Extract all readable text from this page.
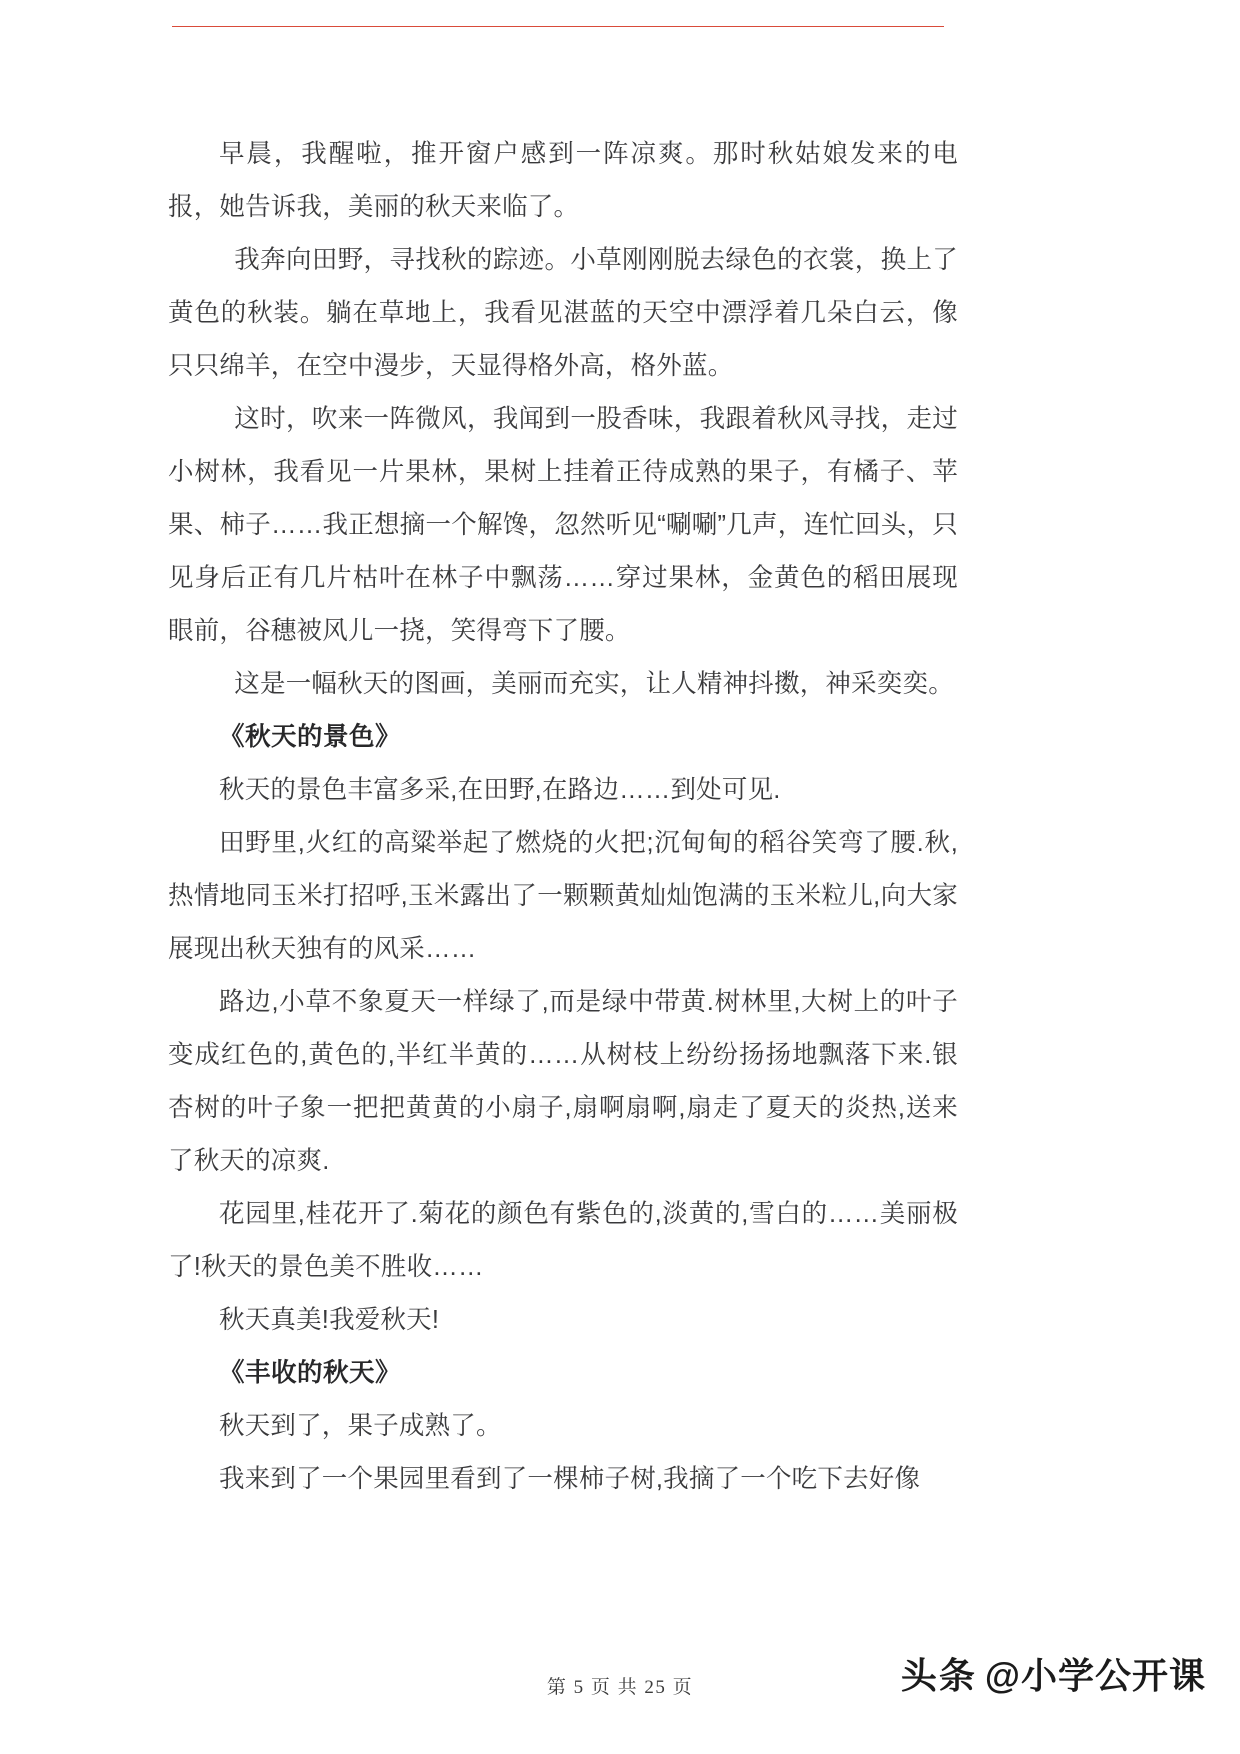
早晨，我醒啦，推开窗户感到一阵凉爽。那时秋姑娘发来的电报，她告诉我，美丽的秋天来临了。

我奔向田野，寻找秋的踪迹。小草刚刚脱去绿色的衣裳，换上了黄色的秋装。躺在草地上，我看见湛蓝的天空中漂浮着几朵白云，像只只绵羊，在空中漫步，天显得格外高，格外蓝。

这时，吹来一阵微风，我闻到一股香味，我跟着秋风寻找，走过小树林，我看见一片果林，果树上挂着正待成熟的果子，有橘子、苹果、柿子……我正想摘一个解馋，忽然听见“唰唰”几声，连忙回头，只见身后正有几片枯叶在林子中飘荡……穿过果林，金黄色的稻田展现眼前，谷穗被风儿一挠，笑得弯下了腰。

这是一幅秋天的图画，美丽而充实，让人精神抖擞，神采奕奕。

《秋天的景色》

秋天的景色丰富多采,在田野,在路边……到处可见.

田野里,火红的高粱举起了燃烧的火把;沉甸甸的稻谷笑弯了腰.秋,热情地同玉米打招呼,玉米露出了一颗颗黄灿灿饱满的玉米粒儿,向大家展现出秋天独有的风采……

路边,小草不象夏天一样绿了,而是绿中带黄.树林里,大树上的叶子变成红色的,黄色的,半红半黄的……从树枝上纷纷扬扬地飘落下来.银杏树的叶子象一把把黄黄的小扇子,扇啊扇啊,扇走了夏天的炎热,送来了秋天的凉爽.

花园里,桂花开了.菊花的颜色有紫色的,淡黄的,雪白的……美丽极了!秋天的景色美不胜收……

秋天真美!我爱秋天!

《丰收的秋天》

秋天到了，果子成熟了。

我来到了一个果园里看到了一棵柿子树,我摘了一个吃下去好像

第 5 页 共 25 页	头条 @小学公开课
